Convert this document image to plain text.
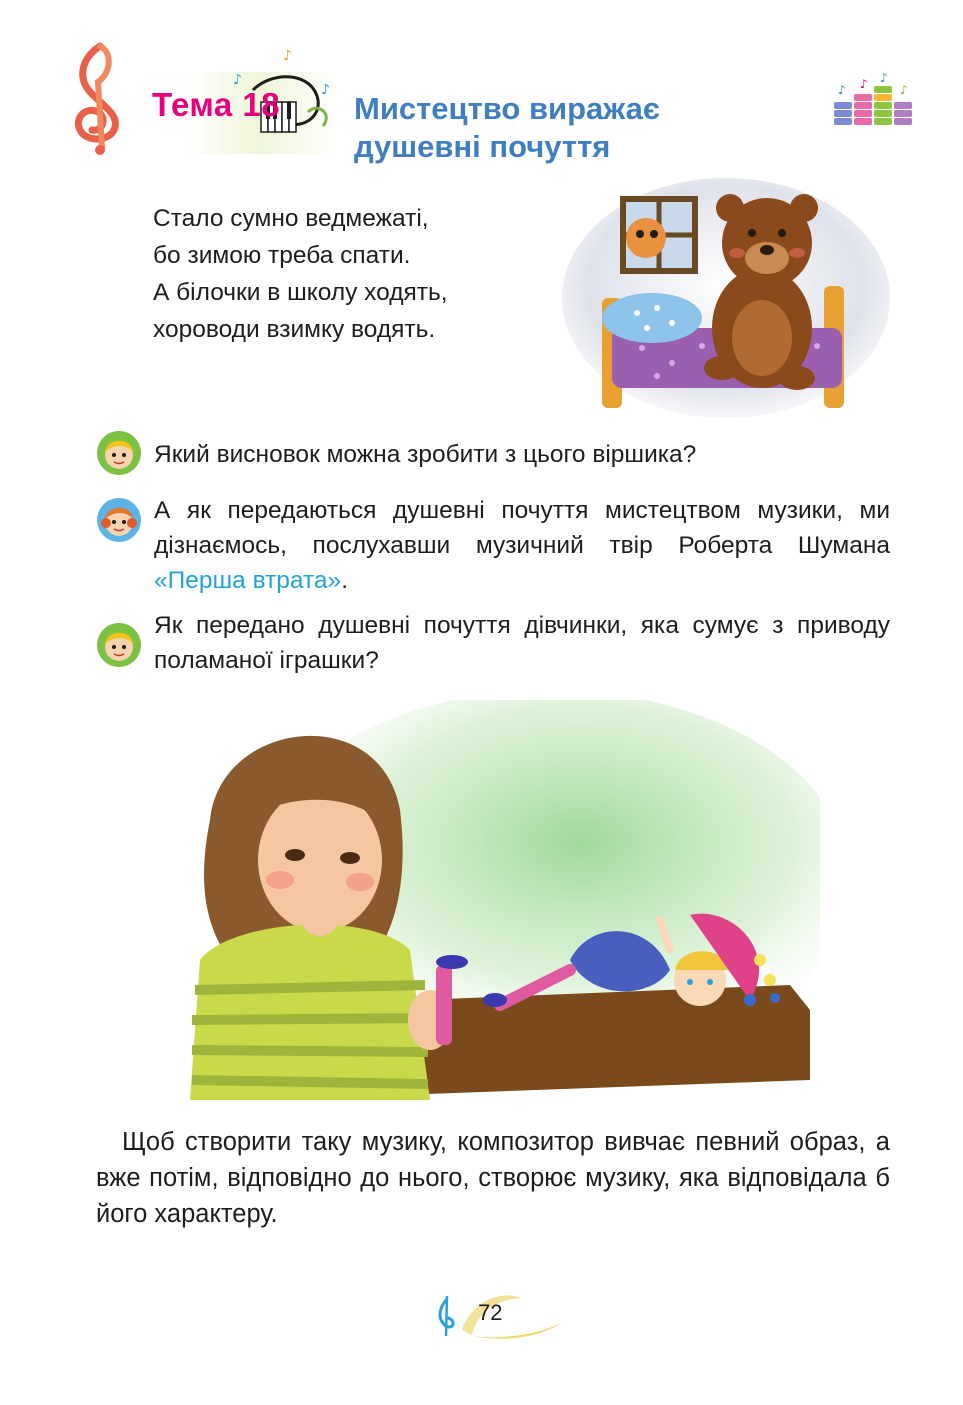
♪
♪
♪
Тема 18 Мистецтво виражає
душевні почуття
♪ ♪ ♪
♪
Стало сумно ведмежаті,
бо зимою треба спати.
А білочки в школу ходять,
хороводи взимку водять.
Який висновок можна зробити з цього віршика?
А як передаються душевні почуття мистецтвом музики, ми дізнаємось, послухавши музичний твір Роберта Шумана «Перша втрата».
Як передано душевні почуття дівчинки, яка сумує з приводу поламаної іграшки?
Щоб створити таку музику, композитор вивчає певний образ, а вже потім, відповідно до нього, створює музику, яка відповідала б його характеру.
72
